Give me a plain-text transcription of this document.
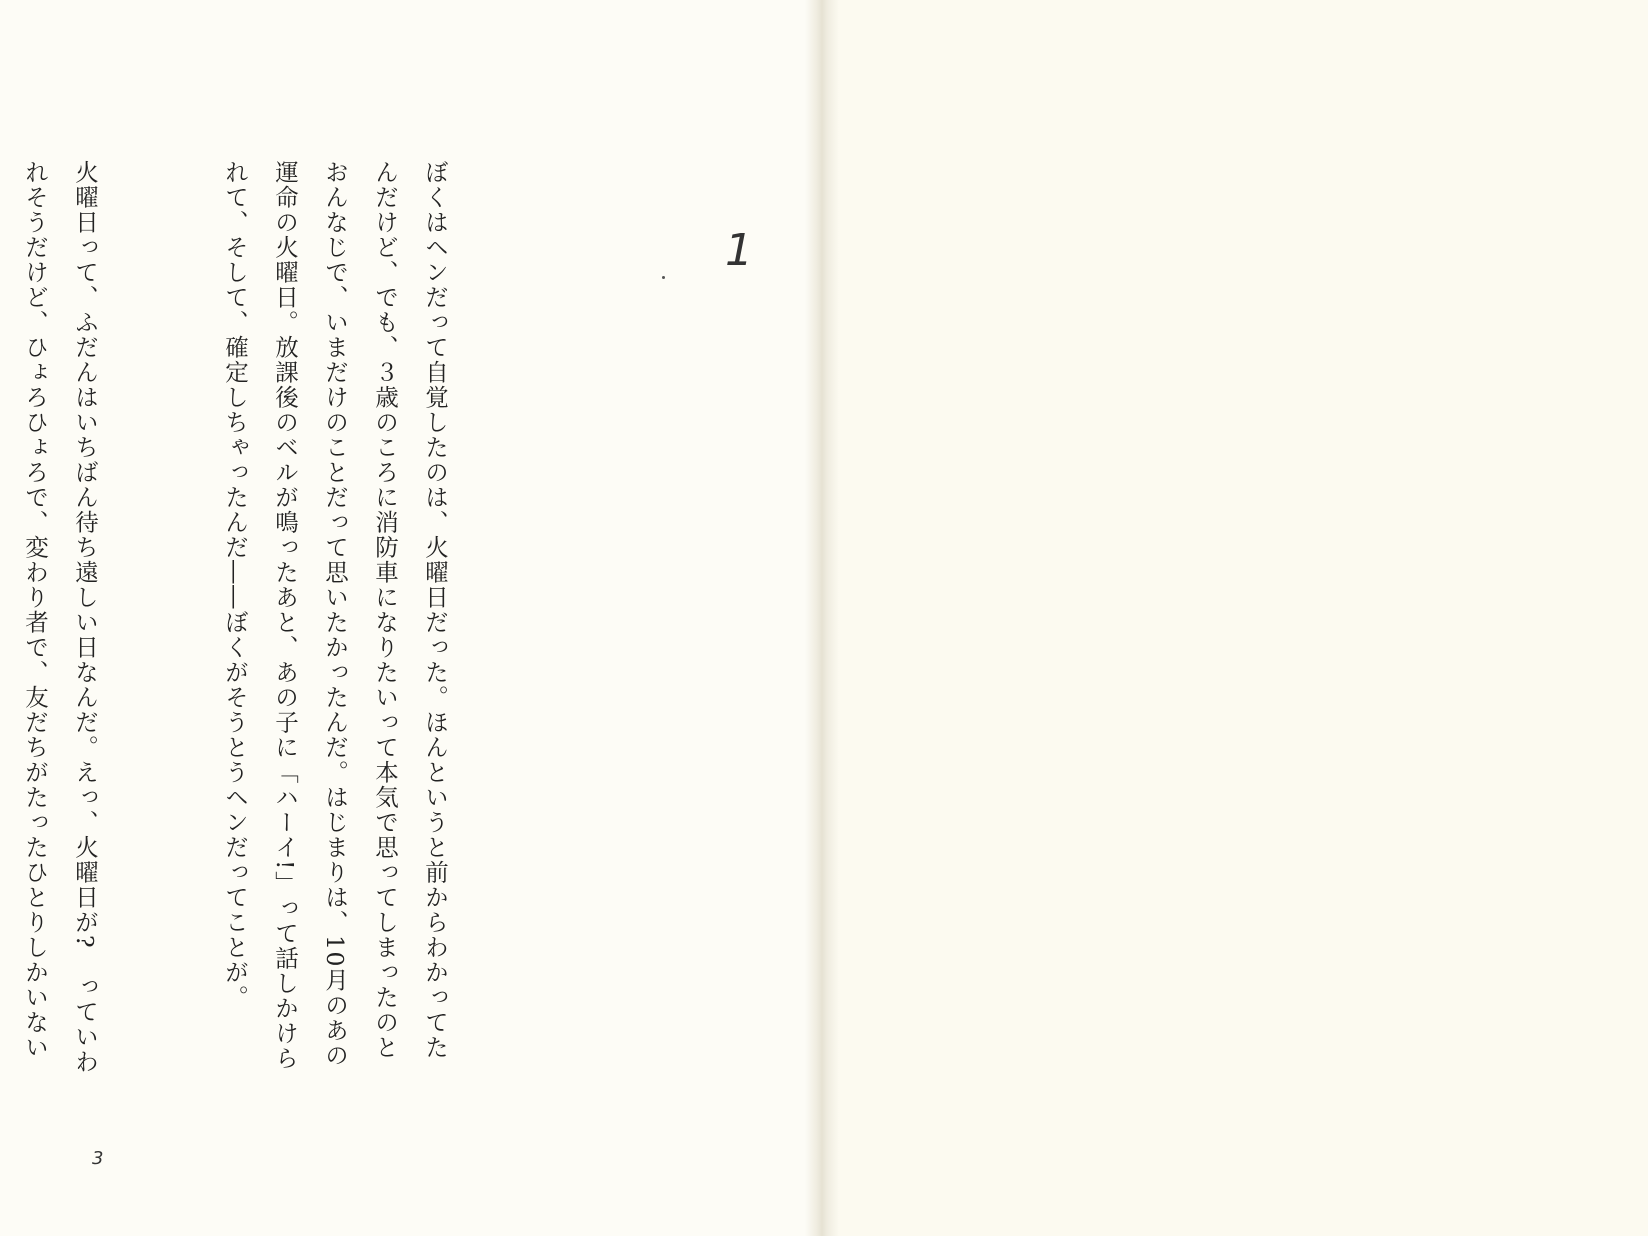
ぼくはヘンだって自覚したのは、火曜日だった。ほんというと前からわかってたんだけど、でも、３歳のころに消防車になりたいって本気で思ってしまったのとおんなじで、いまだけのことだって思いたかったんだ。はじまりは、10月のあの運命の火曜日。放課後のベルが鳴ったあと、あの子に「ハーイ!」って話しかけられて、そして、確定しちゃったんだ――ぼくがそうとうヘンだってことが。

火曜日って、ふだんはいちばん待ち遠しい日なんだ。えっ、火曜日が?　っていわれそうだけど、ひょろひょろで、変わり者で、友だちがたったひとりしかいない

3
1
